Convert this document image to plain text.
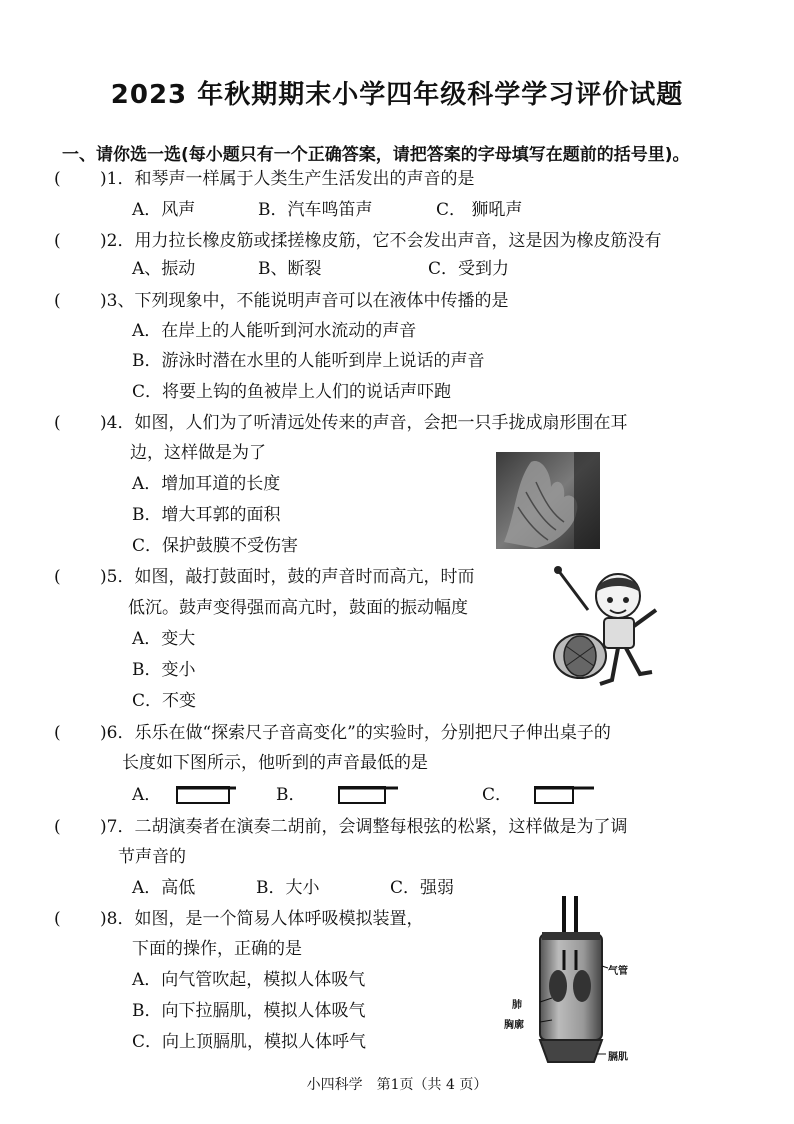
2023 年秋期期末小学四年级科学学习评价试题
一、请你选一选(每小题只有一个正确答案，请把答案的字母填写在题前的括号里)。
( )1．和琴声一样属于人类生产生活发出的声音的是
A．风声	B．汽车鸣笛声	C． 狮吼声
( )2．用力拉长橡皮筋或揉搓橡皮筋，它不会发出声音，这是因为橡皮筋没有
A、振动	B、断裂	C．受到力
( )3、下列现象中，不能说明声音可以在液体中传播的是
A．在岸上的人能听到河水流动的声音
B．游泳时潜在水里的人能听到岸上说话的声音
C．将要上钩的鱼被岸上人们的说话声吓跑
( )4．如图，人们为了听清远处传来的声音，会把一只手拢成扇形围在耳
边，这样做是为了
A．增加耳道的长度
B．增大耳郭的面积
C．保护鼓膜不受伤害
( )5．如图，敲打鼓面时，鼓的声音时而高亢，时而
低沉。鼓声变得强而高亢时，鼓面的振动幅度
A．变大
B．变小
C．不变
( )6．乐乐在做“探索尺子音高变化”的实验时，分别把尺子伸出桌子的
长度如下图所示，他听到的声音最低的是
A．	B．	C．
( )7．二胡演奏者在演奏二胡前，会调整每根弦的松紧，这样做是为了调
节声音的
A．高低	B．大小	C．强弱
( )8．如图，是一个简易人体呼吸模拟装置，
下面的操作，正确的是
A．向气管吹起，模拟人体吸气
B．向下拉膈肌，模拟人体吸气
C．向上顶膈肌，模拟人体呼气
气管
肺
胸廓
膈肌
小四科学　第1页（共 4 页）
